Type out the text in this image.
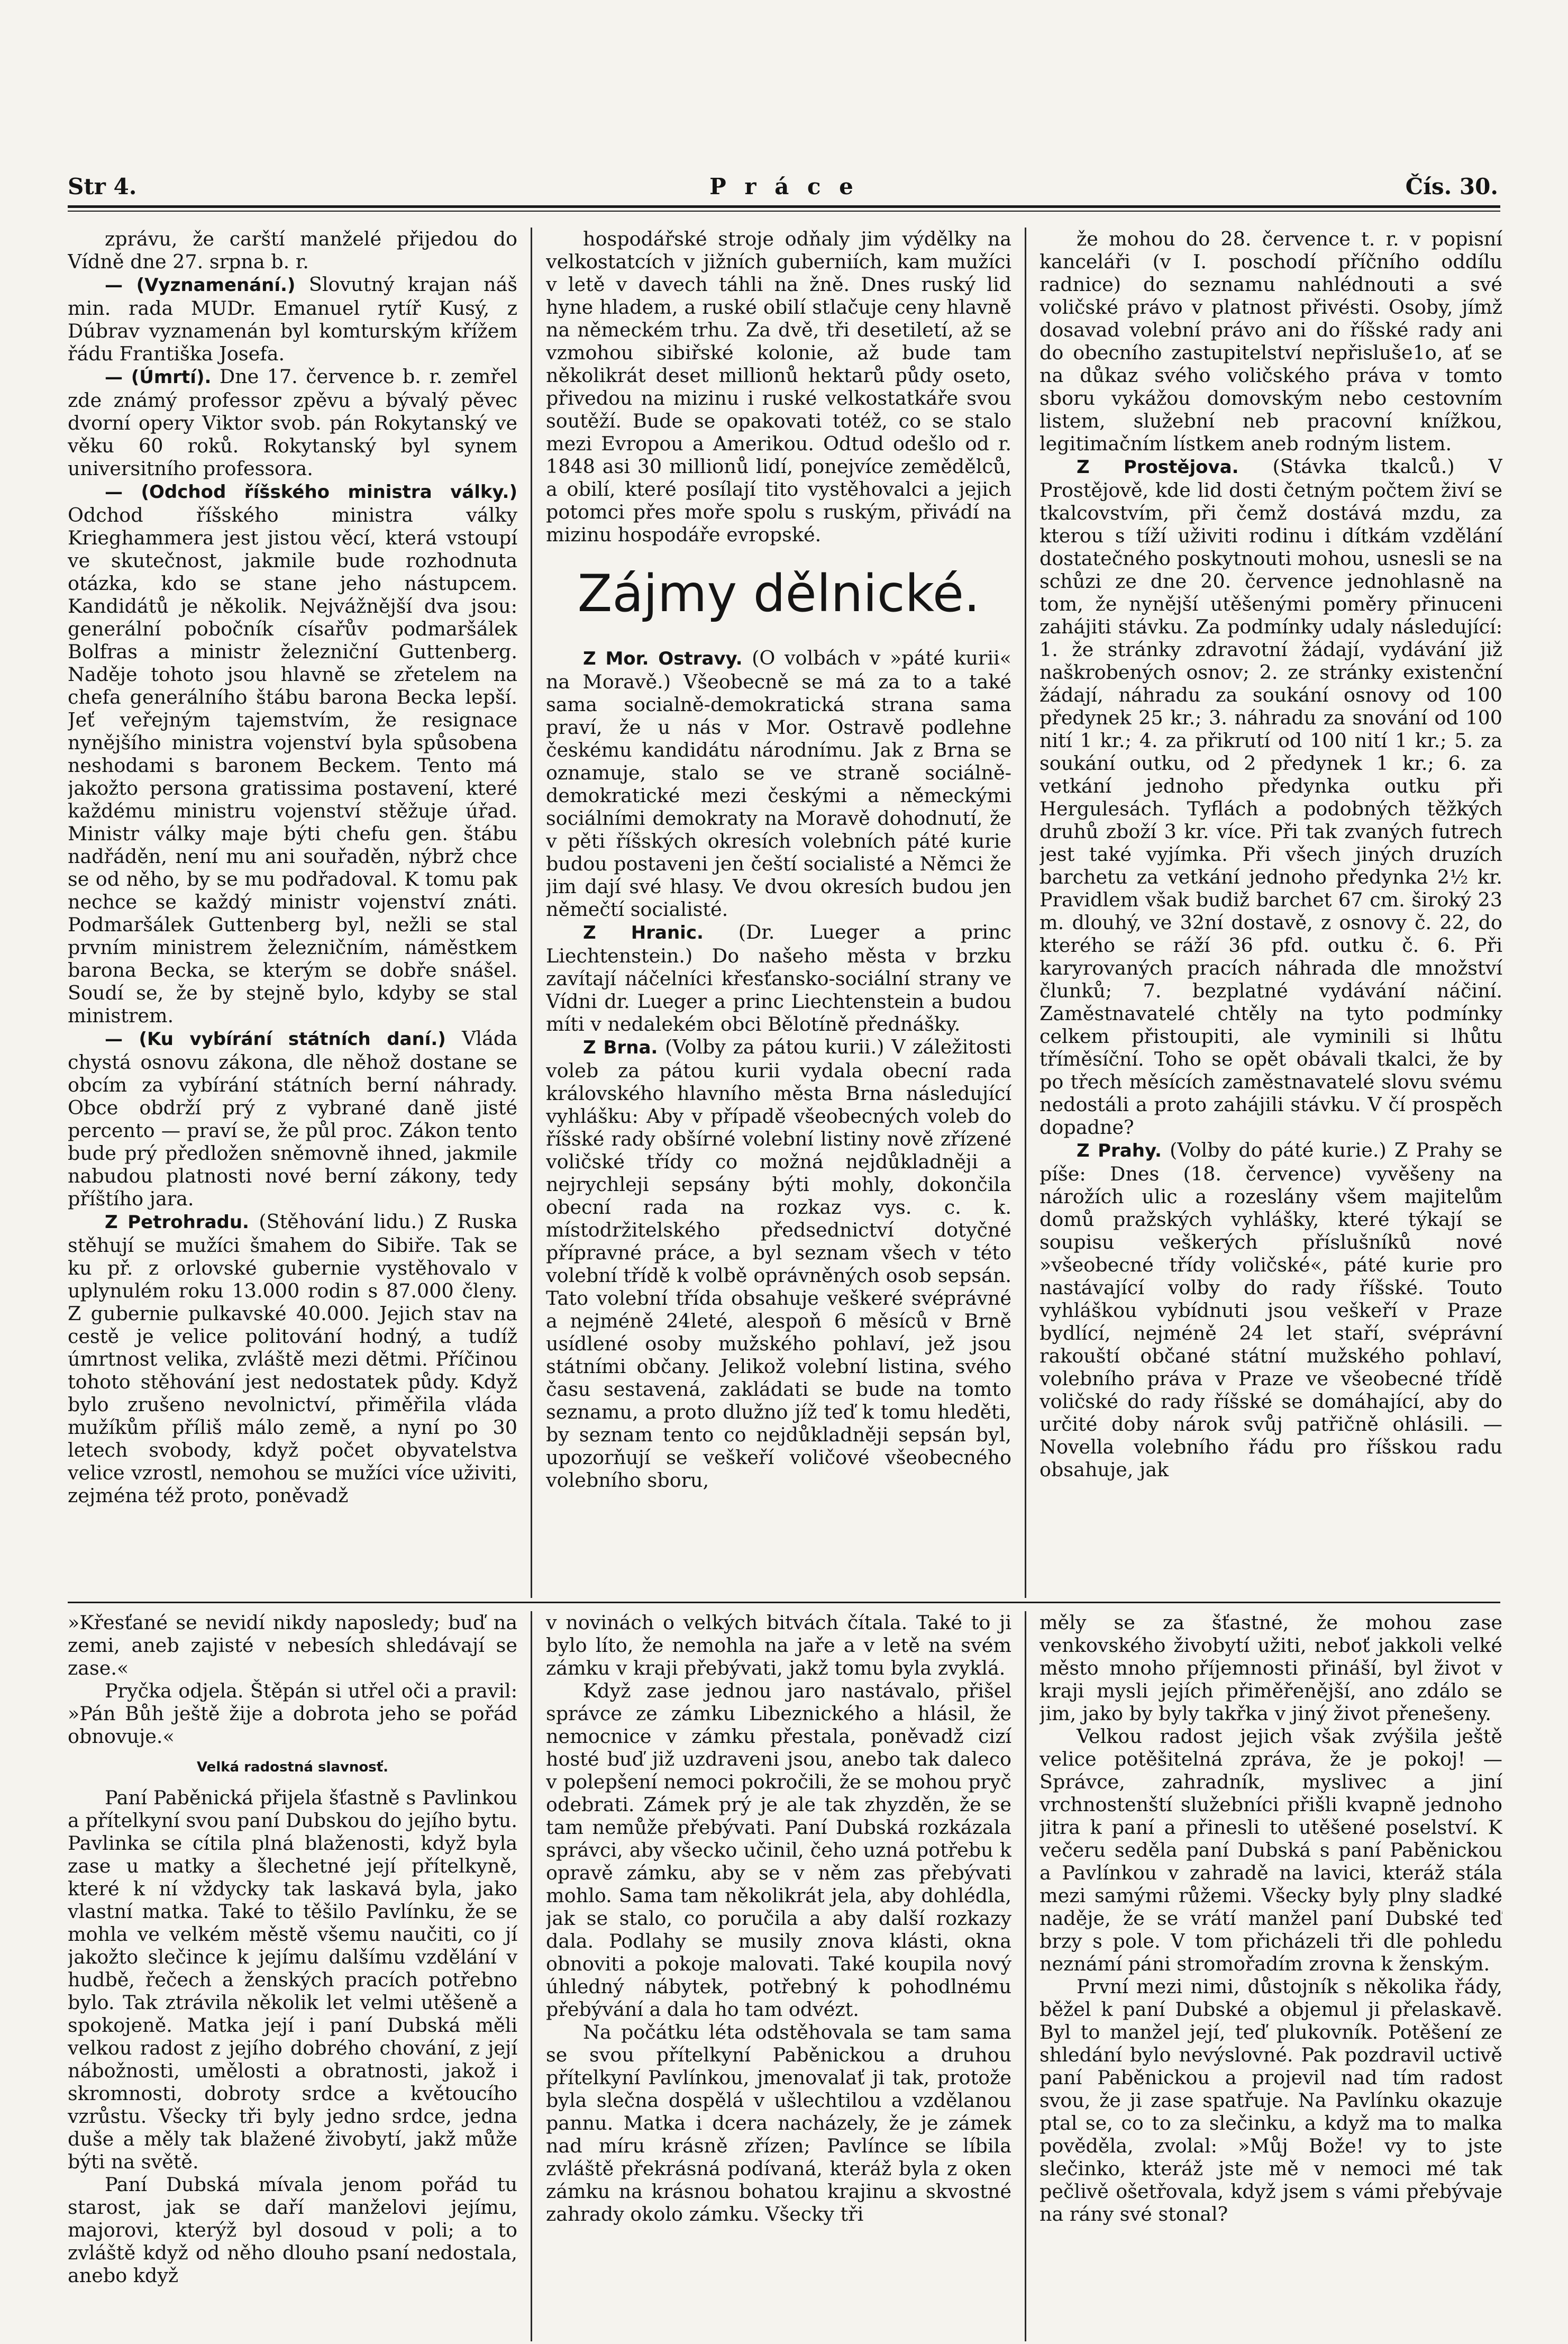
Str 4.	P r á c e	Čís. 30.

zprávu, že carští manželé přijedou do Vídně dne 27. srpna b. r.

— (Vyznamenání.) Slovutný krajan náš min. rada MUDr. Emanuel rytíř Kusý, z Dúbrav vyznamenán byl komturským křížem řádu Františka Josefa.

— (Úmrtí). Dne 17. července b. r. zemřel zde známý professor zpěvu a bývalý pěvec dvorní opery Viktor svob. pán Rokytanský ve věku 60 roků. Rokytanský byl synem universitního professora.

— (Odchod říšského ministra války.) Odchod říšského ministra války Krieghammera jest jistou věcí, která vstoupí ve skutečnost, jakmile bude rozhodnuta otázka, kdo se stane jeho nástupcem. Kandidátů je několik. Nejvážnější dva jsou: generální pobočník císařův podmaršálek Bolfras a ministr železniční Guttenberg. Naděje tohoto jsou hlavně se zřetelem na chefa generálního štábu barona Becka lepší. Jeť veřejným tajemstvím, že resignace nynějšího ministra vojenství byla spůsobena neshodami s baronem Beckem. Tento má jakožto persona gratissima postavení, které každému ministru vojenství stěžuje úřad. Ministr války maje býti chefu gen. štábu nadřáděn, není mu ani souřaděn, nýbrž chce se od něho, by se mu podřadoval. K tomu pak nechce se každý ministr vojenství znáti. Podmaršálek Guttenberg byl, nežli se stal prvním ministrem železničním, náměstkem barona Becka, se kterým se dobře snášel. Soudí se, že by stejně bylo, kdyby se stal ministrem.

— (Ku vybírání státních daní.) Vláda chystá osnovu zákona, dle něhož dostane se obcím za vybírání státních berní náhrady. Obce obdrží prý z vybrané daně jisté percento — praví se, že půl proc. Zákon tento bude prý předložen sněmovně ihned, jakmile nabudou platnosti nové berní zákony, tedy příštího jara.

Z Petrohradu. (Stěhování lidu.) Z Ruska stěhují se mužíci šmahem do Sibiře. Tak se ku př. z orlovské gubernie vystěhovalo v uplynulém roku 13.000 rodin s 87.000 členy. Z gubernie pulkavské 40.000. Jejich stav na cestě je velice politování hodný, a tudíž úmrtnost velika, zvláště mezi dětmi. Příčinou tohoto stěhování jest nedostatek půdy. Když bylo zrušeno nevolnictví, přiměřila vláda mužíkům příliš málo země, a nyní po 30 letech svobody, když počet obyvatelstva velice vzrostl, nemohou se mužíci více uživiti, zejména též proto, poněvadž

hospodářské stroje odňaly jim výdělky na velkostatcích v jižních guberniích, kam mužíci v letě v davech táhli na žně. Dnes ruský lid hyne hladem, a ruské obilí stlačuje ceny hlavně na německém trhu. Za dvě, tři desetiletí, až se vzmohou sibiřské kolonie, až bude tam několikrát deset millionů hektarů půdy oseto, přivedou na mizinu i ruské velkostatkáře svou soutěží. Bude se opakovati totéž, co se stalo mezi Evropou a Amerikou. Odtud odešlo od r. 1848 asi 30 millionů lidí, ponejvíce zemědělců, a obilí, které posílají tito vystěhovalci a jejich potomci přes moře spolu s ruským, přivádí na mizinu hospodáře evropské.

Zájmy dělnické.

Z Mor. Ostravy. (O volbách v »páté kurii« na Moravě.) Všeobecně se má za to a také sama socialně-demokratická strana sama praví, že u nás v Mor. Ostravě podlehne českému kandidátu národnímu. Jak z Brna se oznamuje, stalo se ve straně sociálně-demokratické mezi českými a německými sociálními demokraty na Moravě dohodnutí, že v pěti říšských okresích volebních páté kurie budou postaveni jen čeští socialisté a Němci že jim dají své hlasy. Ve dvou okresích budou jen němečtí socialisté.

Z Hranic. (Dr. Lueger a princ Liechtenstein.) Do našeho města v brzku zavítají náčelníci křesťansko-sociální strany ve Vídni dr. Lueger a princ Liechtenstein a budou míti v nedalekém obci Bělotíně přednášky.

Z Brna. (Volby za pátou kurii.) V záležitosti voleb za pátou kurii vydala obecní rada královského hlavního města Brna následující vyhlášku: Aby v případě všeobecných voleb do říšské rady obšírné volební listiny nově zřízené voličské třídy co možná nejdůkladněji a nejrychleji sepsány býti mohly, dokončila obecní rada na rozkaz vys. c. k. místodržitelského předsednictví dotyčné přípravné práce, a byl seznam všech v této volební třídě k volbě oprávněných osob sepsán. Tato volební třída obsahuje veškeré svéprávné a nejméně 24leté, alespoň 6 měsíců v Brně usídlené osoby mužského pohlaví, jež jsou státními občany. Jelikož volební listina, svého času sestavená, zakládati se bude na tomto seznamu, a proto dlužno jíž teď k tomu hleděti, by seznam tento co nejdůkladněji sepsán byl, upozorňují se veškeří voličové všeobecného volebního sboru,

že mohou do 28. července t. r. v popisní kanceláři (v I. poschodí příčního oddílu radnice) do seznamu nahlédnouti a své voličské právo v platnost přivésti. Osoby, jímž dosavad volební právo ani do říšské rady ani do obecního zastupitelství nepřisluše1o, ať se na důkaz svého voličského práva v tomto sboru vykážou domovským nebo cestovním listem, služební neb pracovní knížkou, legitimačním lístkem aneb rodným listem.

Z Prostějova. (Stávka tkalců.) V Prostějově, kde lid dosti četným počtem živí se tkalcovstvím, při čemž dostává mzdu, za kterou s tíží uživiti rodinu i dítkám vzdělání dostatečného poskytnouti mohou, usnesli se na schůzi ze dne 20. července jednohlasně na tom, že nynější utěšenými poměry přinuceni zahájiti stávku. Za podmínky udaly následující: 1. že stránky zdravotní žádají, vydávání již naškrobených osnov; 2. ze stránky existenční žádají, náhradu za soukání osnovy od 100 předynek 25 kr.; 3. náhradu za snování od 100 nití 1 kr.; 4. za přikrutí od 100 nití 1 kr.; 5. za soukání outku, od 2 předynek 1 kr.; 6. za vetkání jednoho předynka outku při Hergulesách. Tyflách a podobných těžkých druhů zboží 3 kr. více. Při tak zvaných futrech jest také vyjímka. Při všech jiných druzích barchetu za vetkání jednoho předynka 2½ kr. Pravidlem však budiž barchet 67 cm. široký 23 m. dlouhý, ve 32ní dostavě, z osnovy č. 22, do kterého se ráží 36 pfd. outku č. 6. Při karyrovaných pracích náhrada dle množství člunků; 7. bezplatné vydávání náčiní. Zaměstnavatelé chtěly na tyto podmínky celkem přistoupiti, ale vyminili si lhůtu tříměsíční. Toho se opět obávali tkalci, že by po třech měsících zaměstnavatelé slovu svému nedostáli a proto zahájili stávku. V čí prospěch dopadne?

Z Prahy. (Volby do páté kurie.) Z Prahy se píše: Dnes (18. července) vyvěšeny na nárožích ulic a rozeslány všem majitelům domů pražských vyhlášky, které týkají se soupisu veškerých příslušníků nové »všeobecné třídy voličské«, páté kurie pro nastávající volby do rady říšské. Touto vyhláškou vybídnuti jsou veškeří v Praze bydlící, nejméně 24 let staří, svéprávní rakouští občané státní mužského pohlaví, volebního práva v Praze ve všeobecné třídě voličské do rady říšské se domáhající, aby do určité doby nárok svůj patřičně ohlásili. — Novella volebního řádu pro říšskou radu obsahuje, jak

»Křesťané se nevidí nikdy naposledy; buď na zemi, aneb zajisté v nebesích shledávají se zase.«

Pryčka odjela. Štěpán si utřel oči a pravil: »Pán Bůh ještě žije a dobrota jeho se pořád obnovuje.«

Velká radostná slavnosť.

Paní Paběnická přijela šťastně s Pavlinkou a přítelkyní svou paní Dubskou do jejího bytu. Pavlinka se cítila plná blaženosti, když byla zase u matky a šlechetné její přítelkyně, které k ní vždycky tak laskavá byla, jako vlastní matka. Také to těšilo Pavlínku, že se mohla ve velkém městě všemu naučiti, co jí jakožto slečince k jejímu dalšímu vzdělání v hudbě, řečech a ženských pracích potřebno bylo. Tak ztrávila několik let velmi utěšeně a spokojeně. Matka její i paní Dubská měli velkou radost z jejího dobrého chování, z její nábožnosti, umělosti a obratnosti, jakož i skromnosti, dobroty srdce a květoucího vzrůstu. Všecky tři byly jedno srdce, jedna duše a měly tak blažené živobytí, jakž může býti na světě.

Paní Dubská mívala jenom pořád tu starost, jak se daří manželovi jejímu, majorovi, kterýž byl dosoud v poli; a to zvláště když od něho dlouho psaní nedostala, anebo když

v novinách o velkých bitvách čítala. Také to ji bylo líto, že nemohla na jaře a v letě na svém zámku v kraji přebývati, jakž tomu byla zvyklá.

Když zase jednou jaro nastávalo, přišel správce ze zámku Libeznického a hlásil, že nemocnice v zámku přestala, poněvadž cizí hosté buď již uzdraveni jsou, anebo tak daleco v polepšení nemoci pokročili, že se mohou pryč odebrati. Zámek prý je ale tak zhyzděn, že se tam nemůže přebývati. Paní Dubská rozkázala správci, aby všecko učinil, čeho uzná potřebu k opravě zámku, aby se v něm zas přebývati mohlo. Sama tam několikrát jela, aby dohlédla, jak se stalo, co poručila a aby další rozkazy dala. Podlahy se musily znova klásti, okna obnoviti a pokoje malovati. Také koupila nový úhledný nábytek, potřebný k pohodlnému přebývání a dala ho tam odvézt.

Na počátku léta odstěhovala se tam sama se svou přítelkyní Paběnickou a druhou přítelkyní Pavlínkou, jmenovalať ji tak, protože byla slečna dospělá v ušlechtilou a vzdělanou pannu. Matka i dcera nacházely, že je zámek nad míru krásně zřízen; Pavlínce se líbila zvláště překrásná podívaná, kteráž byla z oken zámku na krásnou bohatou krajinu a skvostné zahrady okolo zámku. Všecky tři

měly se za šťastné, že mohou zase venkovského živobytí užiti, neboť jakkoli velké město mnoho příjemnosti přináší, byl život v kraji mysli jejích přiměřenější, ano zdálo se jim, jako by byly takřka v jiný život přenešeny.

Velkou radost jejich však zvýšila ještě velice potěšitelná zpráva, že je pokoj! — Správce, zahradník, myslivec a jiní vrchnostenští služebníci přišli kvapně jednoho jitra k paní a přinesli to utěšené poselství. K večeru seděla paní Dubská s paní Paběnickou a Pavlínkou v zahradě na lavici, kteráž stála mezi samými růžemi. Všecky byly plny sladké naděje, že se vrátí manžel paní Dubské teď brzy s pole. V tom přicházeli tři dle pohledu neznámí páni stromořadím zrovna k ženským.

První mezi nimi, důstojník s několika řády, běžel k paní Dubské a objemul ji přelaskavě. Byl to manžel její, teď plukovník. Potěšení ze shledání bylo nevýslovné. Pak pozdravil uctivě paní Paběnickou a projevil nad tím radost svou, že ji zase spatřuje. Na Pavlínku okazuje ptal se, co to za slečinku, a když ma to malka pověděla, zvolal: »Můj Bože! vy to jste slečinko, kteráž jste mě v nemoci mé tak pečlivě ošetřovala, když jsem s vámi přebývaje na rány své stonal?
